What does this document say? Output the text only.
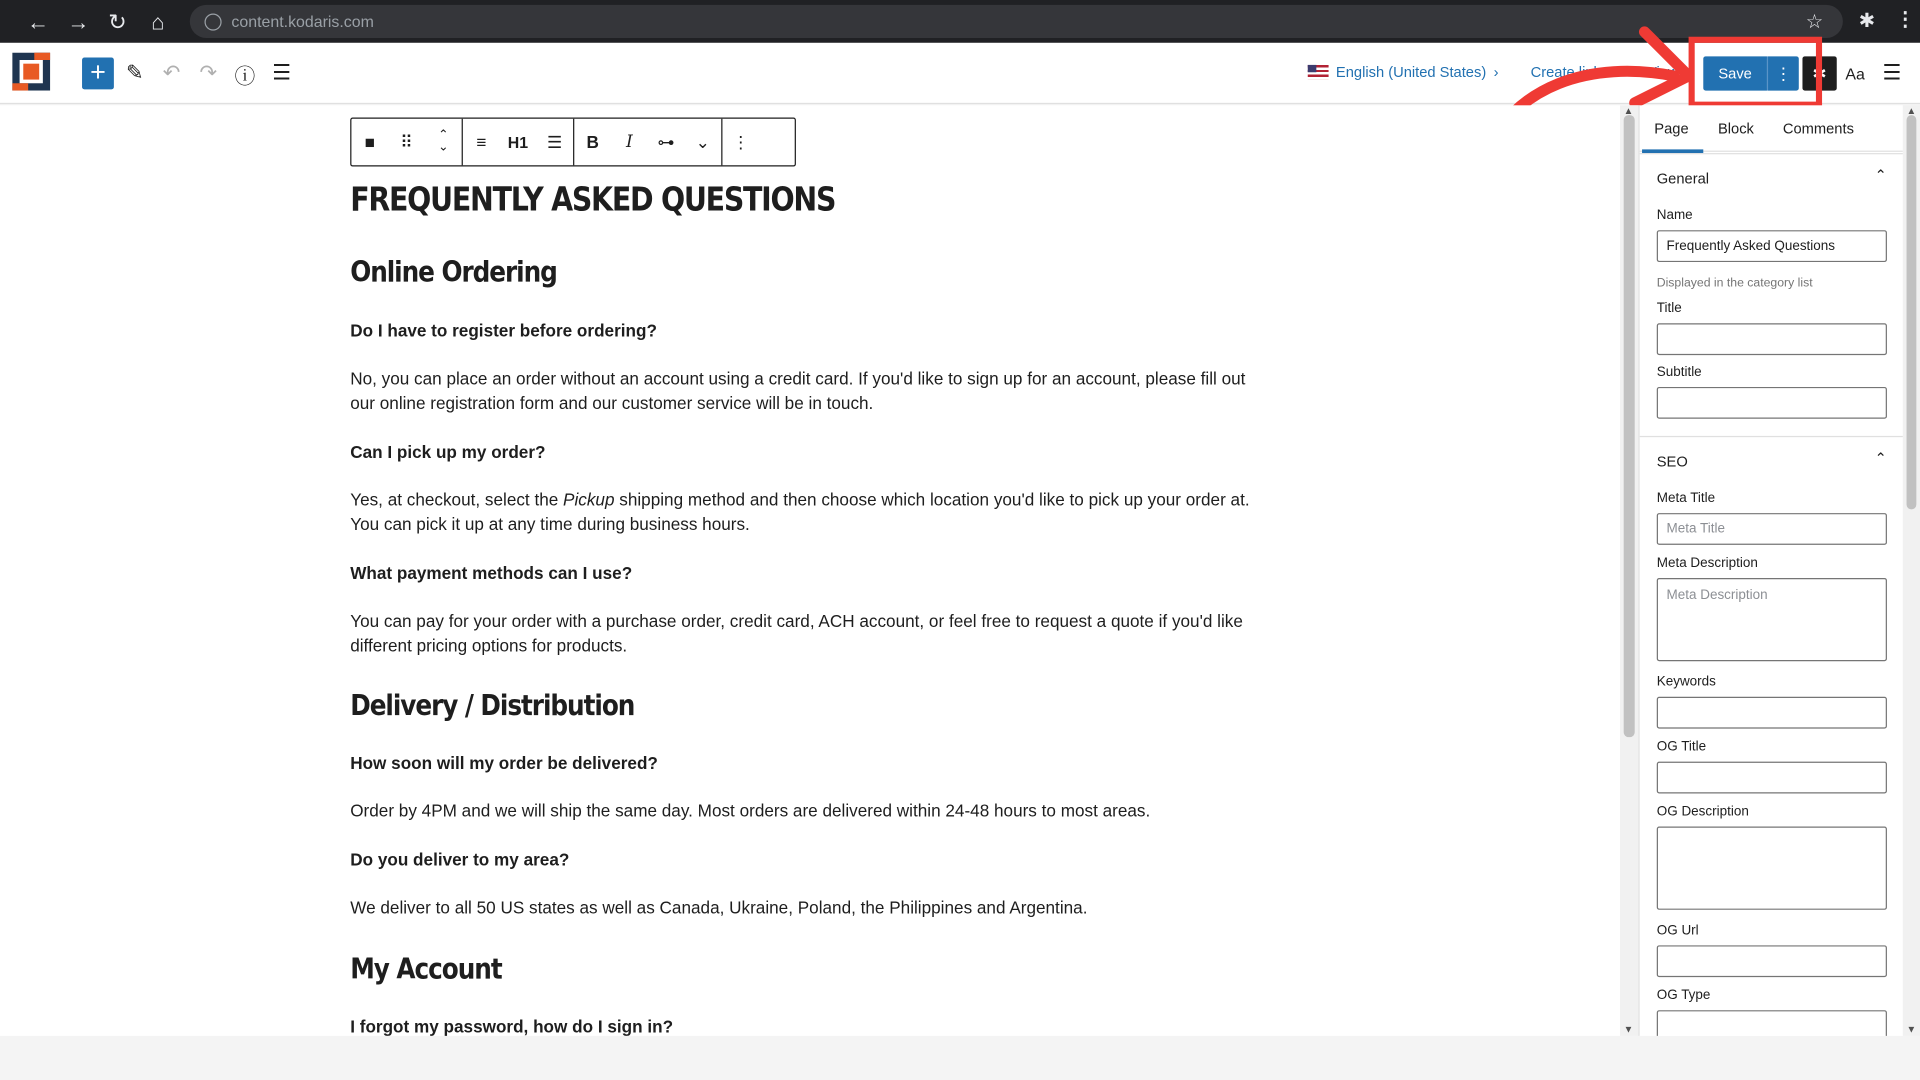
← →	↻	⌂	content.kodaris.com	☆ ✱ ⋮
+	✎	↶	↷	ⓘ ☰	English (United States) ›	Create link	View	Save	⋮	✱	Aa	☰
■	⠿	⌃
⌄	≡	H1	☰	B	I	⊶	⌄	⋮
FREQUENTLY ASKED QUESTIONS
Online Ordering
Do I have to register before ordering?
No, you can place an order without an account using a credit card. If you'd like to sign up for an account, please fill out our online registration form and our customer service will be in touch.
Can I pick up my order?
Yes, at checkout, select the Pickup shipping method and then choose which location you'd like to pick up your order at. You can pick it up at any time during business hours.
What payment methods can I use?
You can pay for your order with a purchase order, credit card, ACH account, or feel free to request a quote if you'd like different pricing options for products.
Delivery / Distribution
How soon will my order be delivered?
Order by 4PM and we will ship the same day. Most orders are delivered within 24-48 hours to most areas.
Do you deliver to my area?
We deliver to all 50 US states as well as Canada, Ukraine, Poland, the Philippines and Argentina.
My Account
I forgot my password, how do I sign in?
▲
▼
Page Block Comments
General	⌃
Name
Frequently Asked Questions
Displayed in the category list
Title
Subtitle
SEO	⌃
Meta Title
Meta Title
Meta Description
Meta Description
Keywords
OG Title
OG Description
OG Url
OG Type
▲
▼
